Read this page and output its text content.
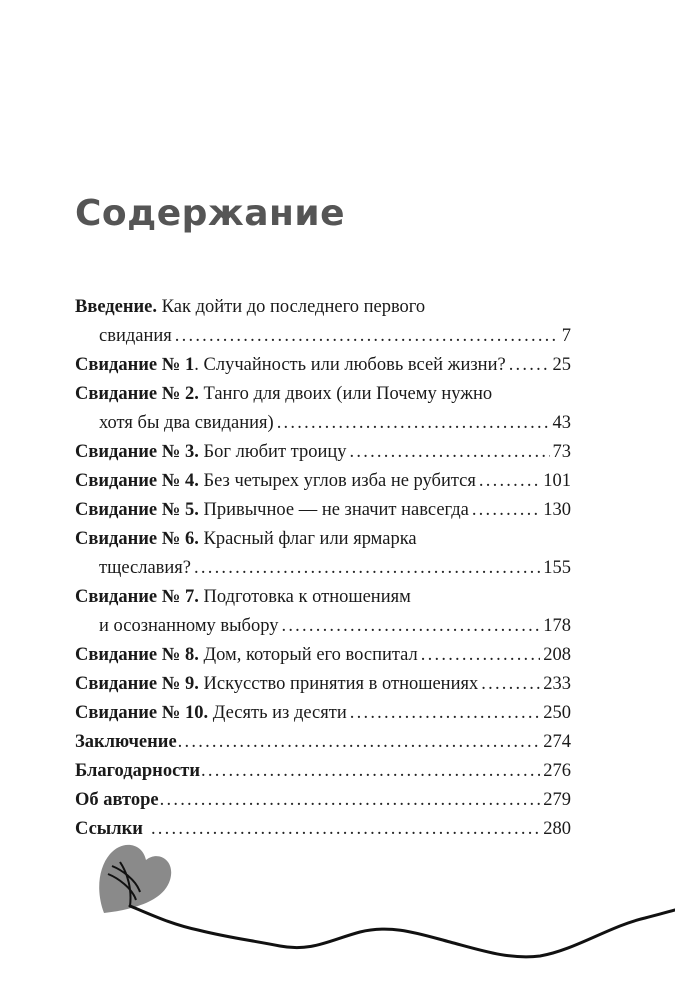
Содержание
Введение. Как дойти до последнего первого
свидания . . .	7
Свидание № 1 . Случайность или любовь всей жизни? . . .	25
Свидание № 2. Танго для двоих (или Почему нужно
хотя бы два свидания) . . .	43
Свидание № 3. Бог любит троицу . . .	73
Свидание № 4. Без четырех углов изба не рубится . . .	101
Свидание № 5. Привычное — не значит навсегда . . .	130
Свидание № 6. Красный флаг или ярмарка
тщеславия? . . .	155
Свидание № 7. Подготовка к отношениям
и осознанному выбору . . .	178
Свидание № 8. Дом, который его воспитал . . .	208
Свидание № 9. Искусство принятия в отношениях . . .	233
Свидание № 10. Десять из десяти . . .	250
Заключение . . .	274
Благодарности . . .	276
Об авторе . . .	279
Ссылки . . .	280
